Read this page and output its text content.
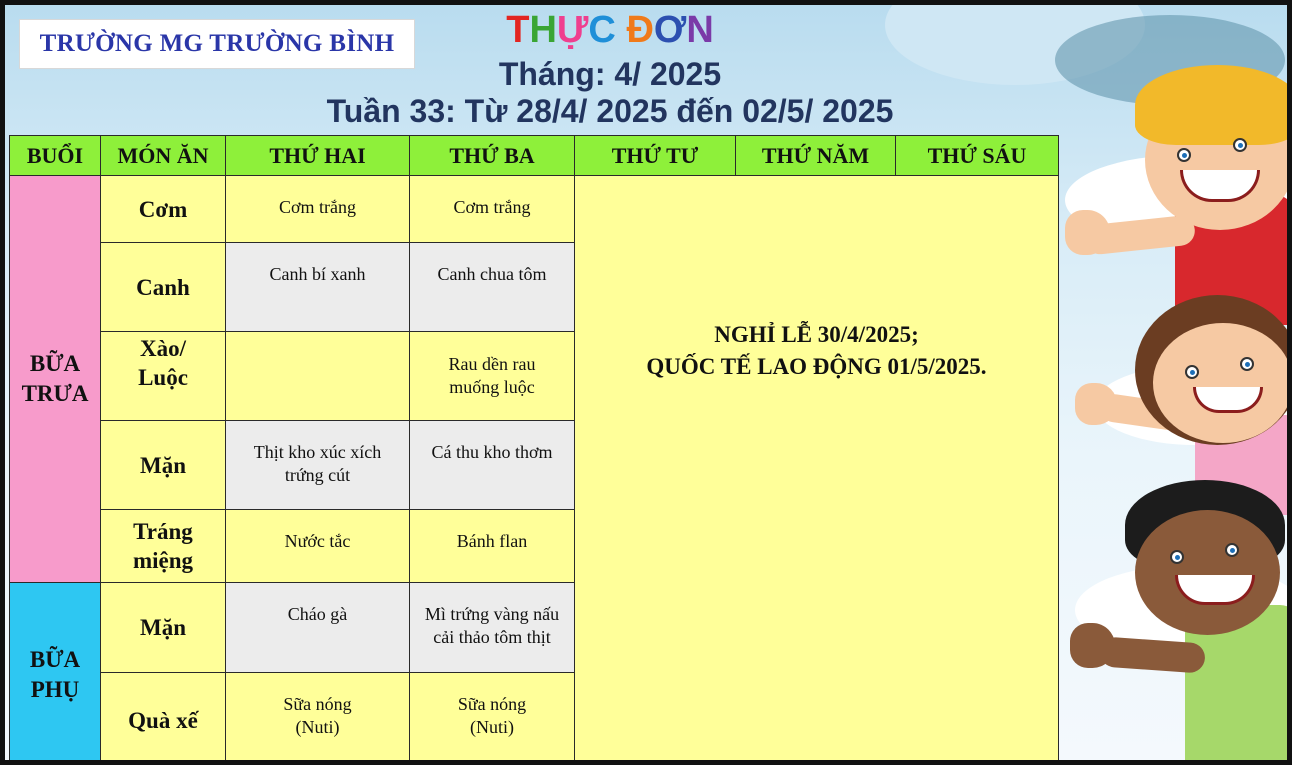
TRƯỜNG MG TRƯỜNG BÌNH	THỰC ĐƠN
Tháng: 4/ 2025
Tuần 33: Từ 28/4/ 2025 đến 02/5/ 2025
BUỔI	MÓN ĂN	THỨ HAI	THỨ BA	THỨ TƯ	THỨ NĂM	THỨ SÁU
BỮA TRƯA	Cơm	Cơm trắng	Cơm trắng	NGHỈ LỄ 30/4/2025;
QUỐC TẾ LAO ĐỘNG 01/5/2025.		

	Canh	Canh bí xanh	Canh chua tôm			
	Xào/ Luộc		Rau dền rau muống luộc			
	Mặn	Thịt kho xúc xích trứng cút	Cá thu kho thơm			
	Tráng miệng	Nước tắc	Bánh flan			
BỮA PHỤ	Mặn	Cháo gà	Mì trứng vàng nấu cải thảo tôm thịt			
	Quà xế	Sữa nóng (Nuti)	Sữa nóng (Nuti)			
